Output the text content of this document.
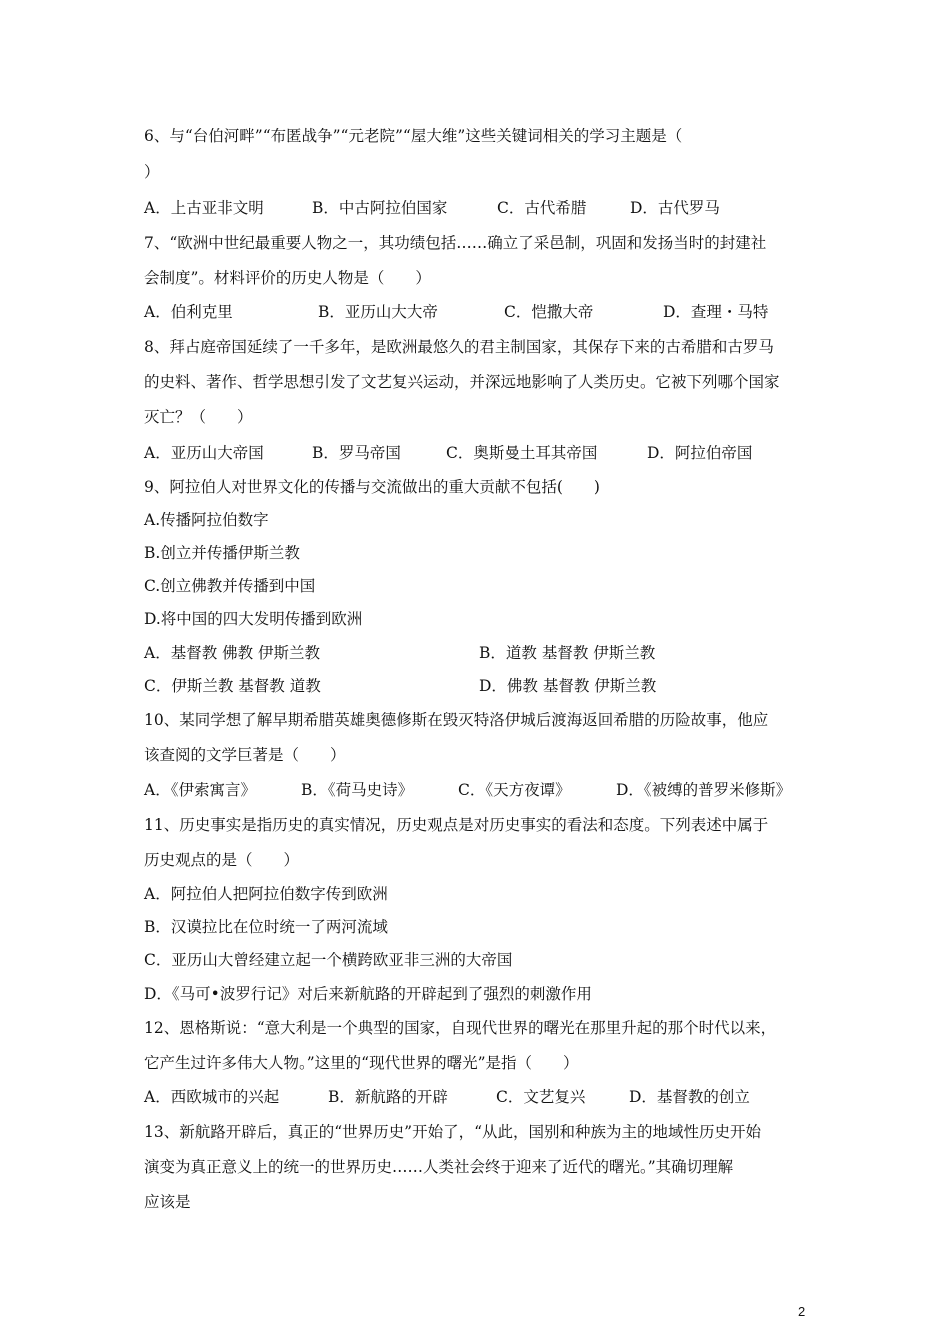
6、与“台伯河畔”“布匿战争”“元老院”“屋大维”这些关键词相关的学习主题是（
）
A．上古亚非文明	B．中古阿拉伯国家	C．古代希腊	D．古代罗马
7、“欧洲中世纪最重要人物之一，其功绩包括……确立了采邑制，巩固和发扬当时的封建社
会制度”。材料评价的历史人物是（　　）
A．伯利克里	B．亚历山大大帝	C．恺撒大帝	D．查理・马特
8、拜占庭帝国延续了一千多年，是欧洲最悠久的君主制国家，其保存下来的古希腊和古罗马
的史料、著作、哲学思想引发了文艺复兴运动，并深远地影响了人类历史。它被下列哪个国家
灭亡？（　　）
A．亚历山大帝国	B．罗马帝国	C．奥斯曼土耳其帝国	D．阿拉伯帝国
9、阿拉伯人对世界文化的传播与交流做出的重大贡献不包括(　　)
A.传播阿拉伯数字
B.创立并传播伊斯兰教
C.创立佛教并传播到中国
D.将中国的四大发明传播到欧洲
A．基督教 佛教 伊斯兰教	B．道教 基督教 伊斯兰教
C．伊斯兰教 基督教 道教	D．佛教 基督教 伊斯兰教
10、某同学想了解早期希腊英雄奥德修斯在毁灭特洛伊城后渡海返回希腊的历险故事，他应
该查阅的文学巨著是（　　）
A．《伊索寓言》	B．《荷马史诗》	C．《天方夜谭》	D．《被缚的普罗米修斯》
11、历史事实是指历史的真实情况，历史观点是对历史事实的看法和态度。下列表述中属于
历史观点的是（　　）
A．阿拉伯人把阿拉伯数字传到欧洲
B．汉谟拉比在位时统一了两河流域
C．亚历山大曾经建立起一个横跨欧亚非三洲的大帝国
D．《马可•波罗行记》对后来新航路的开辟起到了强烈的刺激作用
12、恩格斯说：“意大利是一个典型的国家，自现代世界的曙光在那里升起的那个时代以来，
它产生过许多伟大人物。”这里的“现代世界的曙光”是指（　　）
A．西欧城市的兴起	B．新航路的开辟	C．文艺复兴	D．基督教的创立
13、新航路开辟后，真正的“世界历史”开始了，“从此，国别和种族为主的地域性历史开始
演变为真正意义上的统一的世界历史……人类社会终于迎来了近代的曙光。”其确切理解
应该是
2
